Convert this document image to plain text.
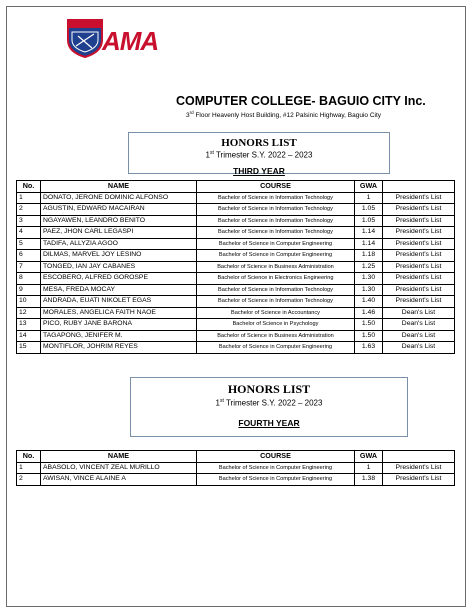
AMA
COMPUTER COLLEGE- BAGUIO CITY Inc.
3rd Floor Heavenly Host Building, #12 Palsinic Highway, Baguio City
HONORS LIST
1st Trimester S.Y. 2022 – 2023
THIRD YEAR
No.	NAME	COURSE	GWA	
1	DONATO, JERONE DOMINIC ALFONSO	Bachelor of Science in Information Technology	1	President's List
2	AGUSTIN, EDWARD MACAIRAN	Bachelor of Science in Information Technology	1.05	President's List
3	NGAYAWEN, LEANDRO BENITO	Bachelor of Science in Information Technology	1.05	President's List
4	PAEZ, JHON CARL LEGASPI	Bachelor of Science in Information Technology	1.14	President's List
5	TADIFA, ALLYZIA AGOO	Bachelor of Science in Computer Engineering	1.14	President's List
6	DILMAS, MARVEL JOY LESINO	Bachelor of Science in Computer Engineering	1.18	President's List
7	TONGED, IAN JAY CABANES	Bachelor of Science in Business Administration	1.25	President's List
8	ESCOBERO, ALFRED GOROSPE	Bachelor of Science in Electronics Engineering	1.30	President's List
9	MESA, FREDA MOCAY	Bachelor of Science in Information Technology	1.30	President's List
10	ANDRADA, EUATI NIKOLET EGAS	Bachelor of Science in Information Technology	1.40	President's List
12	MORALES, ANGELICA FAITH NAOE	Bachelor of Science in Accountancy	1.46	Dean's List
13	PICO, RUBY JANE BARONA	Bachelor of Science in Psychology	1.50	Dean's List
14	TAGAPONG, JENIFER M.	Bachelor of Science in Business Administration	1.50	Dean's List
15	MONTIFLOR, JOHRIM REYES	Bachelor of Science in Computer Engineering	1.63	Dean's List
HONORS LIST
1st Trimester S.Y. 2022 – 2023
FOURTH YEAR
No.	NAME	COURSE	GWA	
1	ABASOLO, VINCENT ZEAL MURILLO	Bachelor of Science in Computer Engineering	1	President's List
2	AWISAN, VINCE ALAINE A	Bachelor of Science in Computer Engineering	1.38	President's List
